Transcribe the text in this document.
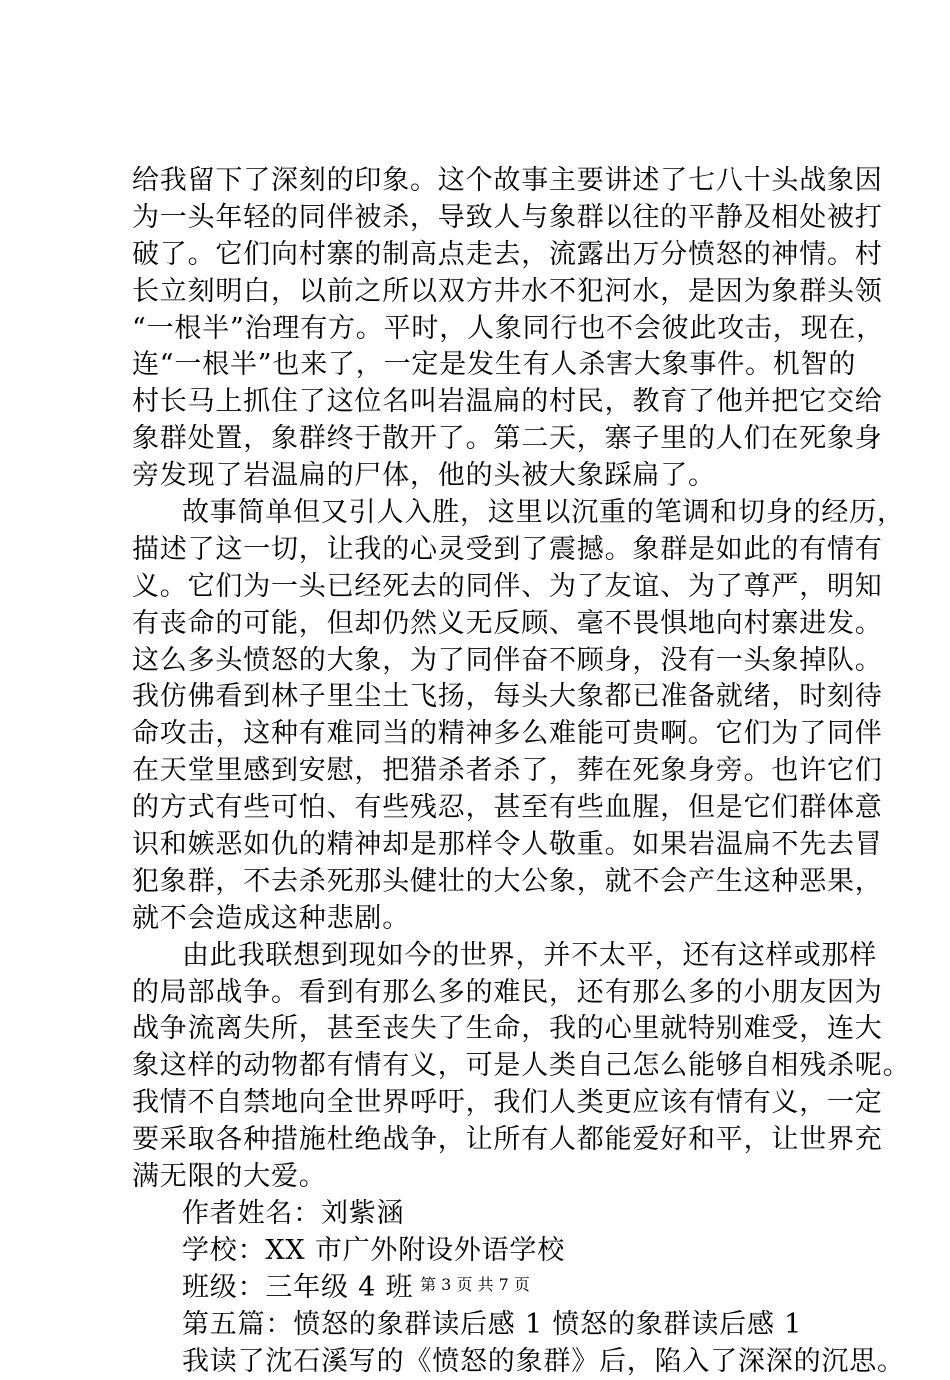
给我留下了深刻的印象。这个故事主要讲述了七八十头战象因
为一头年轻的同伴被杀，导致人与象群以往的平静及相处被打
破了。它们向村寨的制高点走去，流露出万分愤怒的神情。村
长立刻明白，以前之所以双方井水不犯河水，是因为象群头领
“一根半”治理有方。平时，人象同行也不会彼此攻击，现在，
连“一根半”也来了，一定是发生有人杀害大象事件。机智的
村长马上抓住了这位名叫岩温扁的村民，教育了他并把它交给
象群处置，象群终于散开了。第二天，寨子里的人们在死象身
旁发现了岩温扁的尸体，他的头被大象踩扁了。
故事简单但又引人入胜，这里以沉重的笔调和切身的经历，
描述了这一切，让我的心灵受到了震撼。象群是如此的有情有
义。它们为一头已经死去的同伴、为了友谊、为了尊严，明知
有丧命的可能，但却仍然义无反顾、毫不畏惧地向村寨进发。
这么多头愤怒的大象，为了同伴奋不顾身，没有一头象掉队。
我仿佛看到林子里尘土飞扬，每头大象都已准备就绪，时刻待
命攻击，这种有难同当的精神多么难能可贵啊。它们为了同伴
在天堂里感到安慰，把猎杀者杀了，葬在死象身旁。也许它们
的方式有些可怕、有些残忍，甚至有些血腥，但是它们群体意
识和嫉恶如仇的精神却是那样令人敬重。如果岩温扁不先去冒
犯象群，不去杀死那头健壮的大公象，就不会产生这种恶果，
就不会造成这种悲剧。
由此我联想到现如今的世界，并不太平，还有这样或那样
的局部战争。看到有那么多的难民，还有那么多的小朋友因为
战争流离失所，甚至丧失了生命，我的心里就特别难受，连大
象这样的动物都有情有义，可是人类自己怎么能够自相残杀呢。
我情不自禁地向全世界呼吁，我们人类更应该有情有义，一定
要采取各种措施杜绝战争，让所有人都能爱好和平，让世界充
满无限的大爱。
作者姓名：刘紫涵
学校：XX 市广外附设外语学校
班级：三年级 4 班
第五篇：愤怒的象群读后感 1 愤怒的象群读后感 1
我读了沈石溪写的《愤怒的象群》后，陷入了深深的沉思。
第 3 页 共 7 页
